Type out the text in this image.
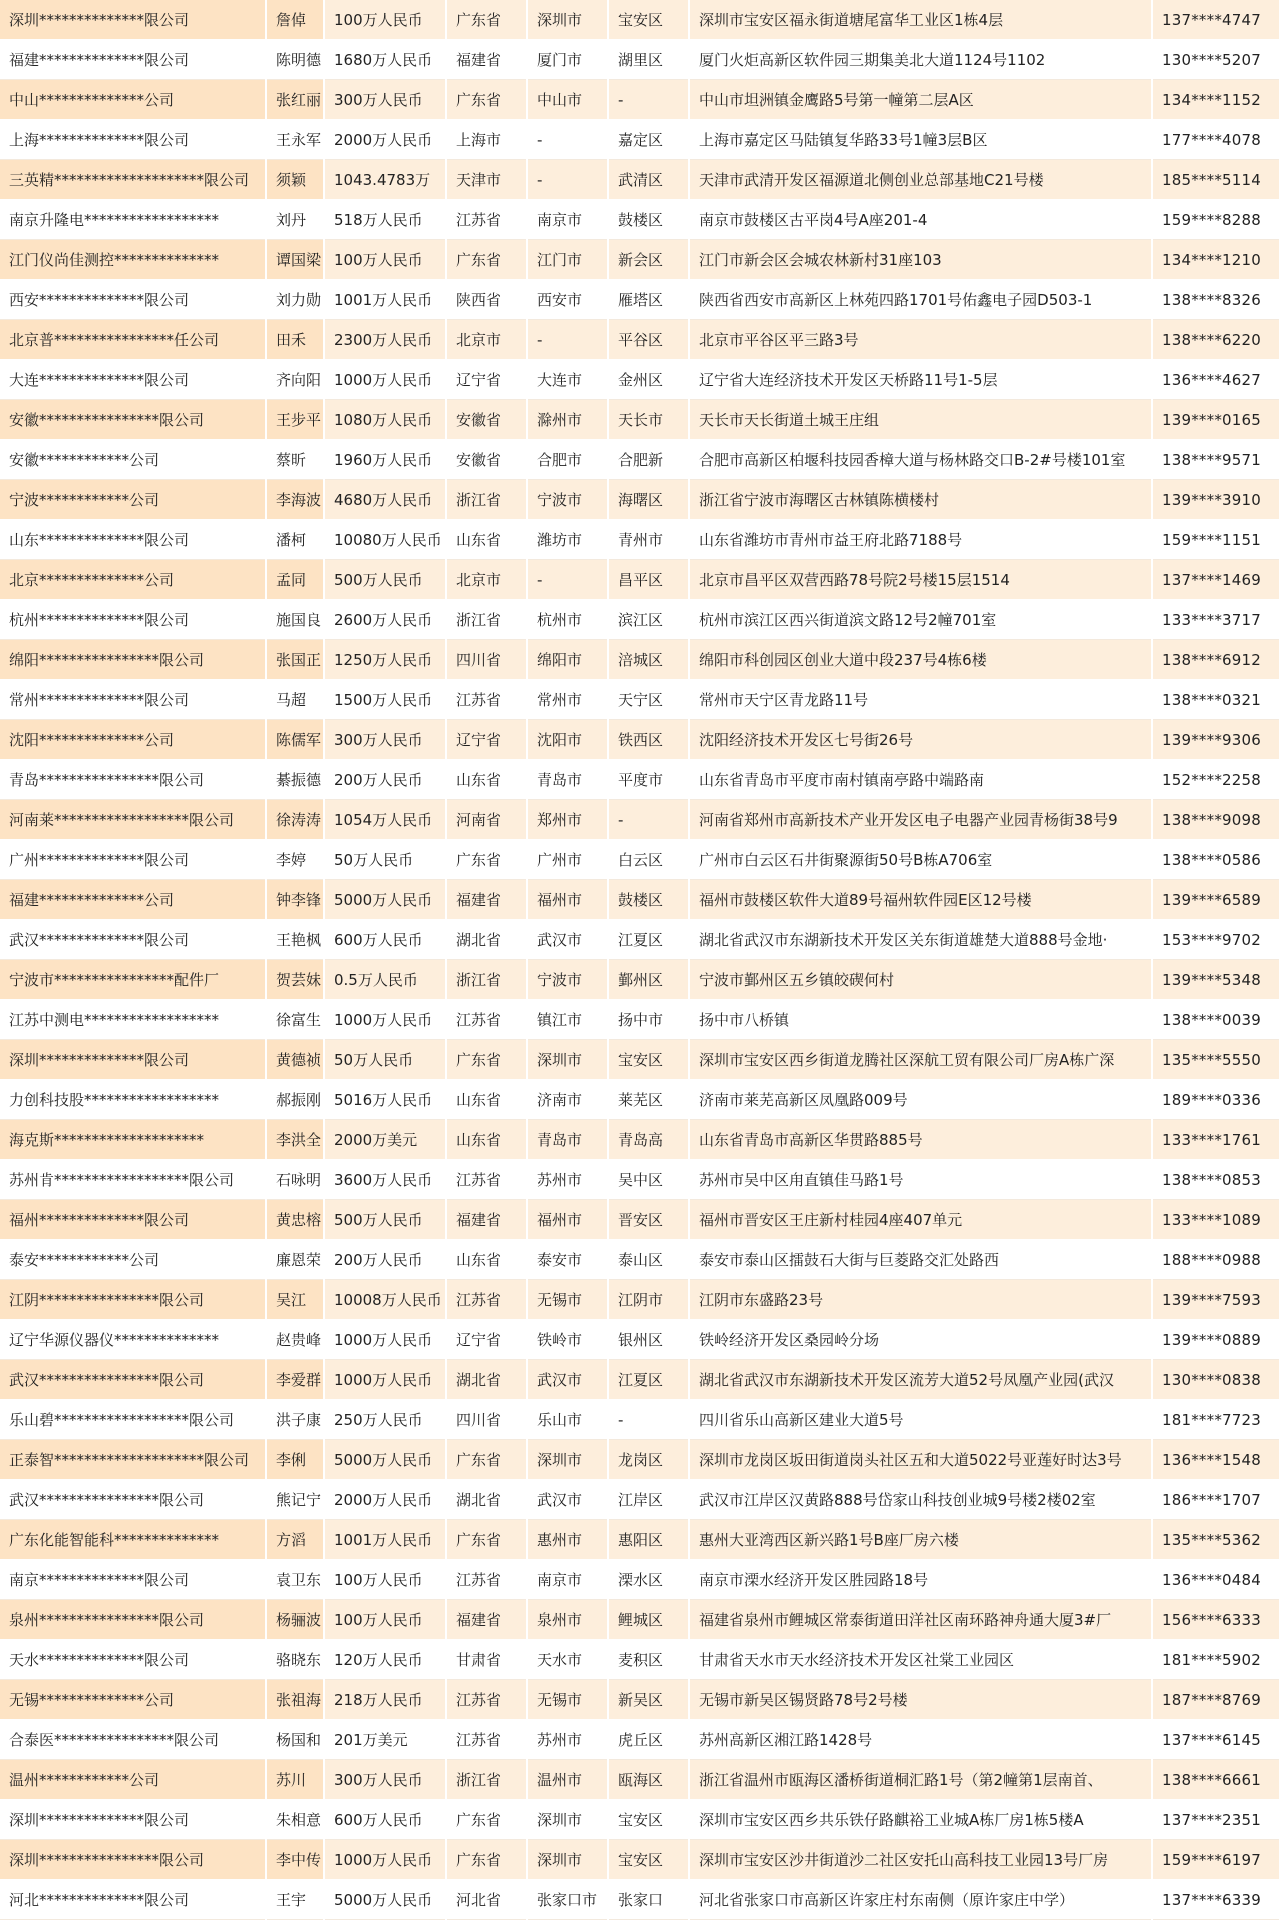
深圳**************限公司	詹倬	100万人民币	广东省	深圳市	宝安区	深圳市宝安区福永街道塘尾富华工业区1栋4层	137****4747
福建**************限公司	陈明德	1680万人民币	福建省	厦门市	湖里区	厦门火炬高新区软件园三期集美北大道1124号1102	130****5207
中山**************公司	张红丽	300万人民币	广东省	中山市	-	中山市坦洲镇金鹰路5号第一幢第二层A区	134****1152
上海**************限公司	王永军	2000万人民币	上海市	-	嘉定区	上海市嘉定区马陆镇复华路33号1幢3层B区	177****4078
三英精********************限公司	须颖	1043.4783万	天津市	-	武清区	天津市武清开发区福源道北侧创业总部基地C21号楼	185****5114
南京升隆电******************	刘丹	518万人民币	江苏省	南京市	鼓楼区	南京市鼓楼区古平岗4号A座201-4	159****8288
江门仪尚佳测控**************	谭国梁	100万人民币	广东省	江门市	新会区	江门市新会区会城农林新村31座103	134****1210
西安**************限公司	刘力勋	1001万人民币	陕西省	西安市	雁塔区	陕西省西安市高新区上林苑四路1701号佑鑫电子园D503-1	138****8326
北京普****************任公司	田禾	2300万人民币	北京市	-	平谷区	北京市平谷区平三路3号	138****6220
大连**************限公司	齐向阳	1000万人民币	辽宁省	大连市	金州区	辽宁省大连经济技术开发区天桥路11号1-5层	136****4627
安徽****************限公司	王步平	1080万人民币	安徽省	滁州市	天长市	天长市天长街道土城王庄组	139****0165
安徽************公司	蔡昕	1960万人民币	安徽省	合肥市	合肥新	合肥市高新区柏堰科技园香樟大道与杨林路交口B-2#号楼101室	138****9571
宁波************公司	李海波	4680万人民币	浙江省	宁波市	海曙区	浙江省宁波市海曙区古林镇陈横楼村	139****3910
山东**************限公司	潘柯	10080万人民币	山东省	潍坊市	青州市	山东省潍坊市青州市益王府北路7188号	159****1151
北京**************公司	孟同	500万人民币	北京市	-	昌平区	北京市昌平区双营西路78号院2号楼15层1514	137****1469
杭州**************限公司	施国良	2600万人民币	浙江省	杭州市	滨江区	杭州市滨江区西兴街道滨文路12号2幢701室	133****3717
绵阳****************限公司	张国正	1250万人民币	四川省	绵阳市	涪城区	绵阳市科创园区创业大道中段237号4栋6楼	138****6912
常州**************限公司	马超	1500万人民币	江苏省	常州市	天宁区	常州市天宁区青龙路11号	138****0321
沈阳**************公司	陈儒军	300万人民币	辽宁省	沈阳市	铁西区	沈阳经济技术开发区七号街26号	139****9306
青岛****************限公司	綦振德	200万人民币	山东省	青岛市	平度市	山东省青岛市平度市南村镇南亭路中端路南	152****2258
河南莱******************限公司	徐涛涛	1054万人民币	河南省	郑州市	-	河南省郑州市高新技术产业开发区电子电器产业园青杨街38号9	138****9098
广州**************限公司	李婷	50万人民币	广东省	广州市	白云区	广州市白云区石井街聚源街50号B栋A706室	138****0586
福建**************公司	钟李锋	5000万人民币	福建省	福州市	鼓楼区	福州市鼓楼区软件大道89号福州软件园E区12号楼	139****6589
武汉**************限公司	王艳枫	600万人民币	湖北省	武汉市	江夏区	湖北省武汉市东湖新技术开发区关东街道雄楚大道888号金地·	153****9702
宁波市****************配件厂	贺芸妹	0.5万人民币	浙江省	宁波市	鄞州区	宁波市鄞州区五乡镇皎碶何村	139****5348
江苏中测电******************	徐富生	1000万人民币	江苏省	镇江市	扬中市	扬中市八桥镇	138****0039
深圳**************限公司	黄德祯	50万人民币	广东省	深圳市	宝安区	深圳市宝安区西乡街道龙腾社区深航工贸有限公司厂房A栋广深	135****5550
力创科技股******************	郝振刚	5016万人民币	山东省	济南市	莱芜区	济南市莱芜高新区凤凰路009号	189****0336
海克斯********************	李洪全	2000万美元	山东省	青岛市	青岛高	山东省青岛市高新区华贯路885号	133****1761
苏州肯******************限公司	石咏明	3600万人民币	江苏省	苏州市	吴中区	苏州市吴中区甪直镇佳马路1号	138****0853
福州**************限公司	黄忠榕	500万人民币	福建省	福州市	晋安区	福州市晋安区王庄新村桂园4座407单元	133****1089
泰安************公司	廉恩荣	200万人民币	山东省	泰安市	泰山区	泰安市泰山区擂鼓石大街与巨菱路交汇处路西	188****0988
江阴****************限公司	吴江	10008万人民币	江苏省	无锡市	江阴市	江阴市东盛路23号	139****7593
辽宁华源仪器仪**************	赵贵峰	1000万人民币	辽宁省	铁岭市	银州区	铁岭经济开发区桑园岭分场	139****0889
武汉****************限公司	李爱群	1000万人民币	湖北省	武汉市	江夏区	湖北省武汉市东湖新技术开发区流芳大道52号凤凰产业园(武汉	130****0838
乐山碧******************限公司	洪子康	250万人民币	四川省	乐山市	-	四川省乐山高新区建业大道5号	181****7723
正泰智********************限公司	李俐	5000万人民币	广东省	深圳市	龙岗区	深圳市龙岗区坂田街道岗头社区五和大道5022号亚莲好时达3号	136****1548
武汉****************限公司	熊记宁	2000万人民币	湖北省	武汉市	江岸区	武汉市江岸区汉黄路888号岱家山科技创业城9号楼2楼02室	186****1707
广东化能智能科**************	方滔	1001万人民币	广东省	惠州市	惠阳区	惠州大亚湾西区新兴路1号B座厂房六楼	135****5362
南京**************限公司	袁卫东	100万人民币	江苏省	南京市	溧水区	南京市溧水经济开发区胜园路18号	136****0484
泉州****************限公司	杨骊波	100万人民币	福建省	泉州市	鲤城区	福建省泉州市鲤城区常泰街道田洋社区南环路神舟通大厦3#厂	156****6333
天水**************限公司	骆晓东	120万人民币	甘肃省	天水市	麦积区	甘肃省天水市天水经济技术开发区社棠工业园区	181****5902
无锡**************公司	张祖海	218万人民币	江苏省	无锡市	新吴区	无锡市新吴区锡贤路78号2号楼	187****8769
合泰医****************限公司	杨国和	201万美元	江苏省	苏州市	虎丘区	苏州高新区湘江路1428号	137****6145
温州************公司	苏川	300万人民币	浙江省	温州市	瓯海区	浙江省温州市瓯海区潘桥街道桐汇路1号（第2幢第1层南首、	138****6661
深圳**************限公司	朱相意	600万人民币	广东省	深圳市	宝安区	深圳市宝安区西乡共乐铁仔路麒裕工业城A栋厂房1栋5楼A	137****2351
深圳****************限公司	李中传	1000万人民币	广东省	深圳市	宝安区	深圳市宝安区沙井街道沙二社区安托山高科技工业园13号厂房	159****6197
河北**************限公司	王宇	5000万人民币	河北省	张家口市	张家口	河北省张家口市高新区许家庄村东南侧（原许家庄中学）	137****6339
